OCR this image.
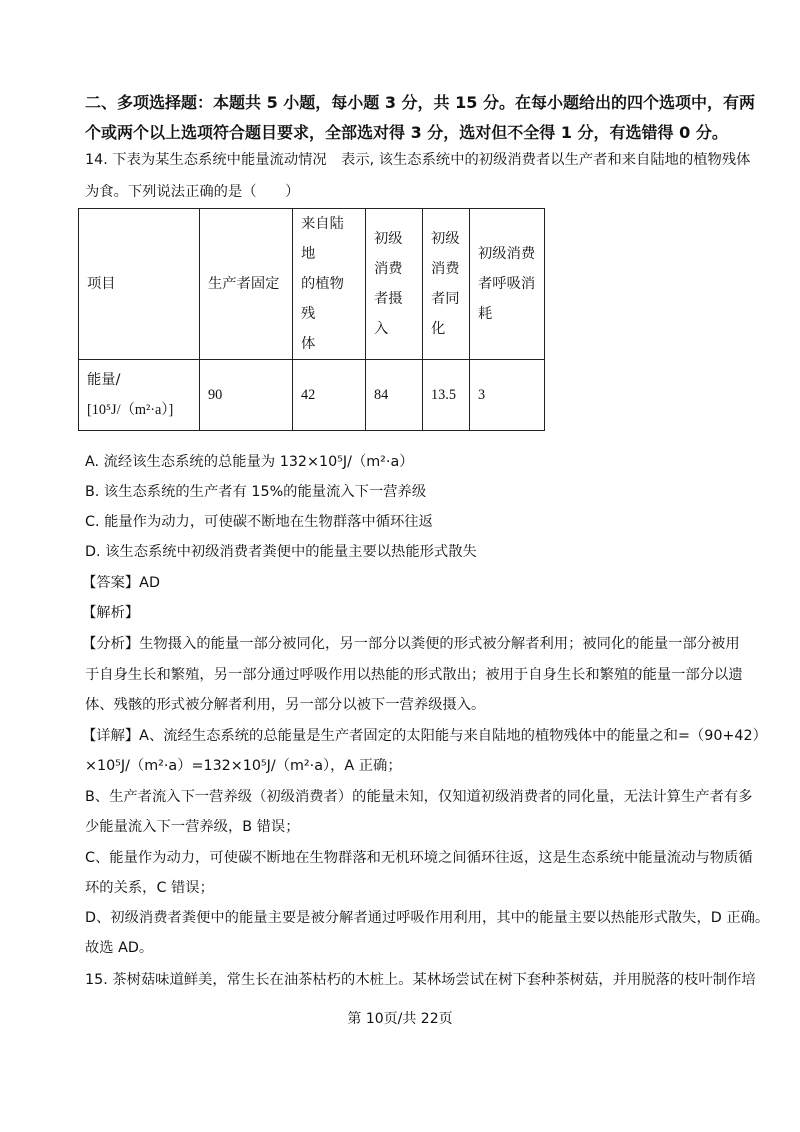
二、多项选择题：本题共 5 小题，每小题 3 分，共 15 分。在每小题给出的四个选项中，有两
个或两个以上选项符合题目要求，全部选对得 3 分，选对但不全得 1 分，有选错得 0 分。
14. 下表为某生态系统中能量流动情况　表示, 该生态系统中的初级消费者以生产者和来自陆地的植物残体
为食。下列说法正确的是（　　）
项目	生产者固定	来自陆地
的植物残
体	初级
消费
者摄
入	初级
消费
者同
化	初级消费
者呼吸消
耗
能量/
[10⁵J/（m²·a）]	90	42	84	13.5	3
A. 流经该生态系统的总能量为 132×10⁵J/（m²·a）
B. 该生态系统的生产者有 15%的能量流入下一营养级
C. 能量作为动力，可使碳不断地在生物群落中循环往返
D. 该生态系统中初级消费者粪便中的能量主要以热能形式散失
【答案】AD
【解析】
【分析】生物摄入的能量一部分被同化，另一部分以粪便的形式被分解者利用；被同化的能量一部分被用
于自身生长和繁殖，另一部分通过呼吸作用以热能的形式散出；被用于自身生长和繁殖的能量一部分以遗
体、残骸的形式被分解者利用，另一部分以被下一营养级摄入。
【详解】A、流经生态系统的总能量是生产者固定的太阳能与来自陆地的植物残体中的能量之和=（90+42）
×10⁵J/（m²·a）=132×10⁵J/（m²·a），A 正确；
B、生产者流入下一营养级（初级消费者）的能量未知，仅知道初级消费者的同化量，无法计算生产者有多
少能量流入下一营养级，B 错误；
C、能量作为动力，可使碳不断地在生物群落和无机环境之间循环往返，这是生态系统中能量流动与物质循
环的关系，C 错误；
D、初级消费者粪便中的能量主要是被分解者通过呼吸作用利用，其中的能量主要以热能形式散失，D 正确。
故选 AD。
15. 茶树菇味道鲜美，常生长在油茶枯朽的木桩上。某林场尝试在树下套种茶树菇，并用脱落的枝叶制作培
第 10页/共 22页
